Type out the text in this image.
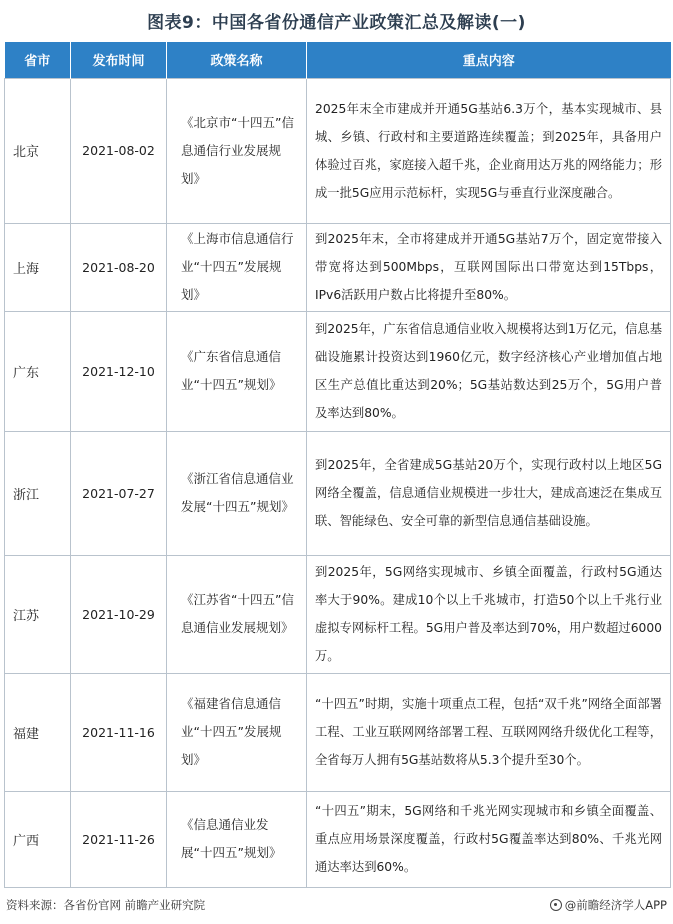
图表9：中国各省份通信产业政策汇总及解读(一)
省市	发布时间	政策名称	重点内容
北京	2021-08-02	《北京市“十四五”信息通信行业发展规划》	2025年末全市建成并开通5G基站6.3万个，基本实现城市、县城、乡镇、行政村和主要道路连续覆盖；到2025年，具备用户体验过百兆，家庭接入超千兆，企业商用达万兆的网络能力；形成一批5G应用示范标杆，实现5G与垂直行业深度融合。
上海	2021-08-20	《上海市信息通信行业“十四五”发展规划》	到2025年末，全市将建成并开通5G基站7万个，固定宽带接入带宽将达到500Mbps，互联网国际出口带宽达到15Tbps，IPv6活跃用户数占比将提升至80%。
广东	2021-12-10	《广东省信息通信业“十四五”规划》	到2025年，广东省信息通信业收入规模将达到1万亿元，信息基础设施累计投资达到1960亿元，数字经济核心产业增加值占地区生产总值比重达到20%；5G基站数达到25万个，5G用户普及率达到80%。
浙江	2021-07-27	《浙江省信息通信业发展“十四五”规划》	到2025年，全省建成5G基站20万个，实现行政村以上地区5G网络全覆盖，信息通信业规模进一步壮大，建成高速泛在集成互联、智能绿色、安全可靠的新型信息通信基础设施。
江苏	2021-10-29	《江苏省“十四五”信息通信业发展规划》	到2025年，5G网络实现城市、乡镇全面覆盖，行政村5G通达率大于90%。建成10个以上千兆城市，打造50个以上千兆行业虚拟专网标杆工程。5G用户普及率达到70%，用户数超过6000万。
福建	2021-11-16	《福建省信息通信业“十四五”发展规划》	“十四五”时期，实施十项重点工程，包括“双千兆”网络全面部署工程、工业互联网网络部署工程、互联网网络升级优化工程等，全省每万人拥有5G基站数将从5.3个提升至30个。
广西	2021-11-26	《信息通信业发展“十四五”规划》	“十四五”期末，5G网络和千兆光网实现城市和乡镇全面覆盖、重点应用场景深度覆盖，行政村5G覆盖率达到80%、千兆光网通达率达到60%。
资料来源：各省份官网 前瞻产业研究院	@前瞻经济学人APP
